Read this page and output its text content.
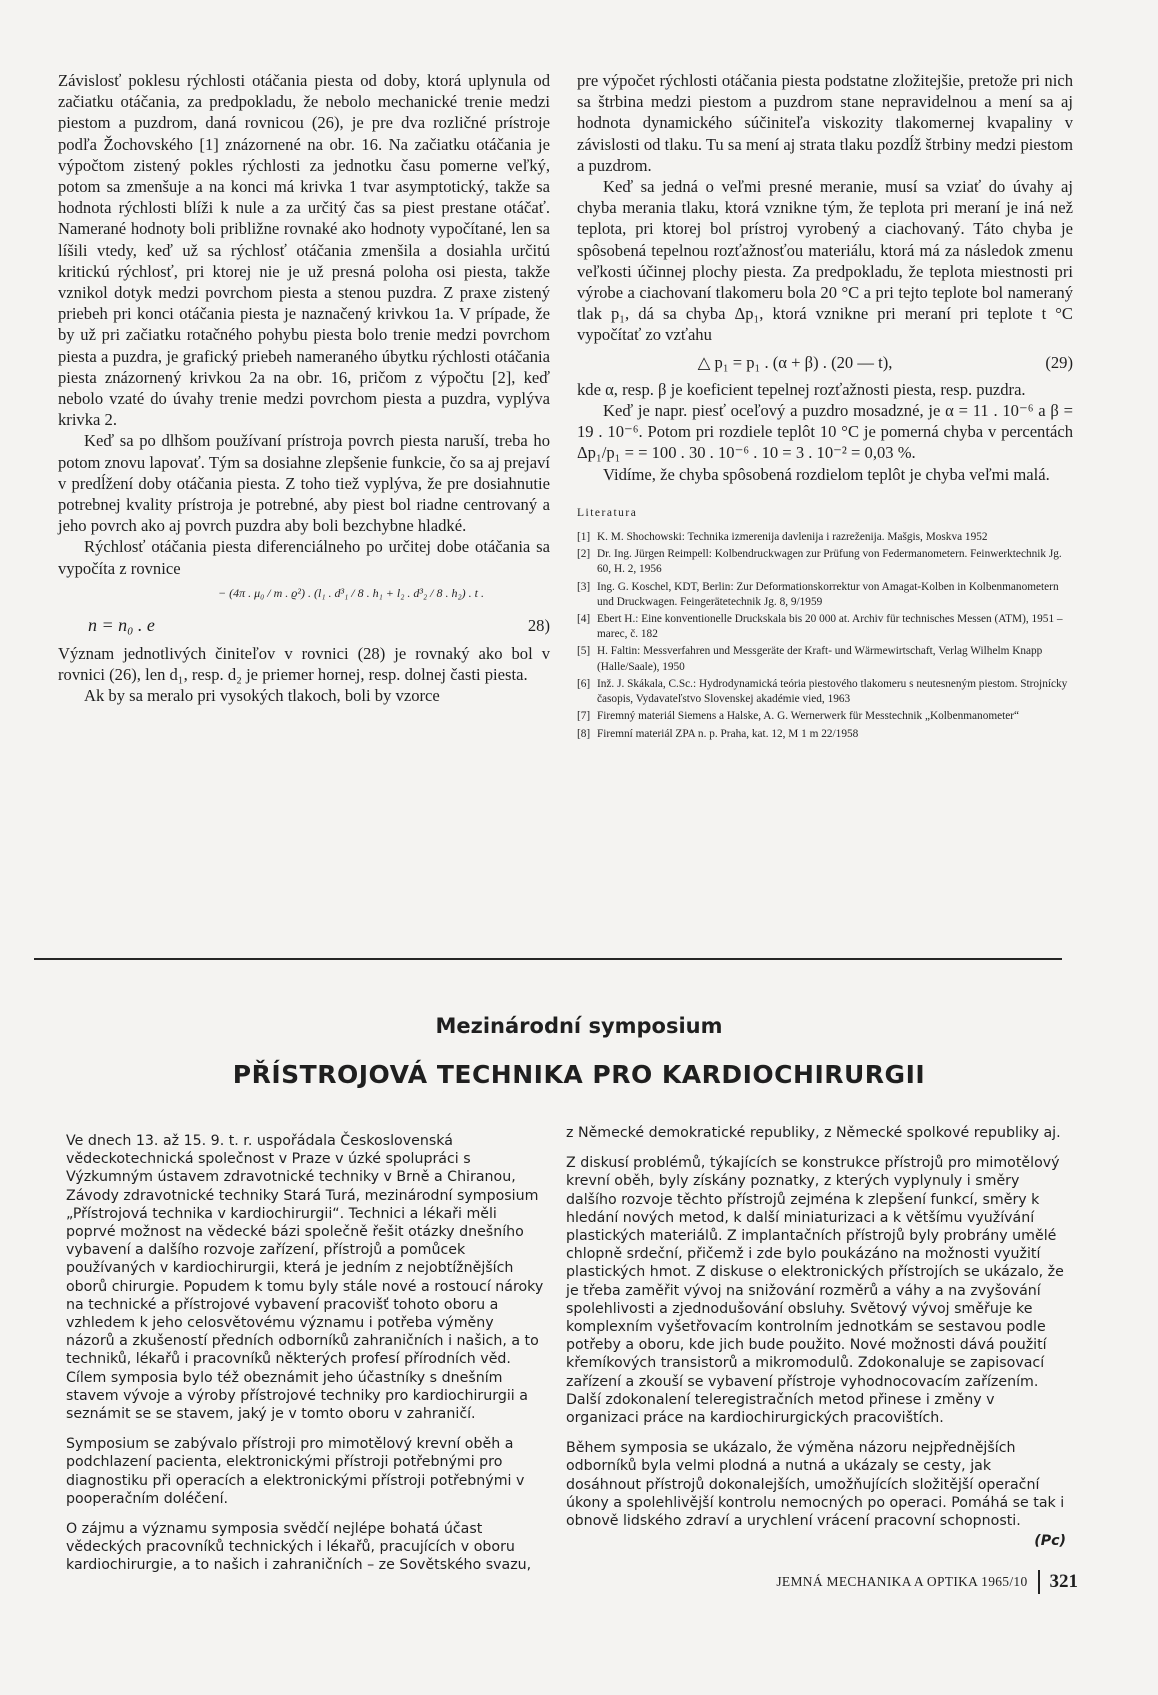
Závislosť poklesu rýchlosti otáčania piesta od doby, ktorá uplynula od začiatku otáčania, za predpokladu, že nebolo mechanické trenie medzi piestom a puzdrom, daná rovnicou (26), je pre dva rozličné prístroje podľa Žochovského [1] znázornené na obr. 16. Na začiatku otáčania je výpočtom zistený pokles rýchlosti za jednotku času pomerne veľký, potom sa zmenšuje a na konci má krivka 1 tvar asymptotický, takže sa hodnota rýchlosti blíži k nule a za určitý čas sa piest prestane otáčať. Namerané hodnoty boli približne rovnaké ako hodnoty vypočítané, len sa líšili vtedy, keď už sa rýchlosť otáčania zmenšila a dosiahla určitú kritickú rýchlosť, pri ktorej nie je už presná poloha osi piesta, takže vznikol dotyk medzi povrchom piesta a stenou puzdra. Z praxe zistený priebeh pri konci otáčania piesta je naznačený krivkou 1a. V prípade, že by už pri začiatku rotačného pohybu piesta bolo trenie medzi povrchom piesta a puzdra, je grafický priebeh nameraného úbytku rýchlosti otáčania piesta znázornený krivkou 2a na obr. 16, pričom z výpočtu [2], keď nebolo vzaté do úvahy trenie medzi povrchom piesta a puzdra, vyplýva krivka 2.

Keď sa po dlhšom používaní prístroja povrch piesta naruší, treba ho potom znovu lapovať. Tým sa dosiahne zlepšenie funkcie, čo sa aj prejaví v predĺžení doby otáčania piesta. Z toho tiež vyplýva, že pre dosiahnutie potrebnej kvality prístroja je potrebné, aby piest bol riadne centrovaný a jeho povrch ako aj povrch puzdra aby boli bezchybne hladké.

Rýchlosť otáčania piesta diferenciálneho po určitej dobe otáčania sa vypočíta z rovnice

− (4π . μ₀ / m . ϱ²) . (l₁ . d³₁ / 8 . h₁ + l₂ . d³₂ / 8 . h₂) . t .
n = n₀ . e	28)

Význam jednotlivých činiteľov v rovnici (28) je rovnaký ako bol v rovnici (26), len d₁, resp. d₂ je priemer hornej, resp. dolnej časti piesta.

Ak by sa meralo pri vysokých tlakoch, boli by vzorce

pre výpočet rýchlosti otáčania piesta podstatne zložitejšie, pretože pri nich sa štrbina medzi piestom a puzdrom stane nepravidelnou a mení sa aj hodnota dynamického súčiniteľa viskozity tlakomernej kvapaliny v závislosti od tlaku. Tu sa mení aj strata tlaku pozdĺž štrbiny medzi piestom a puzdrom.

Keď sa jedná o veľmi presné meranie, musí sa vziať do úvahy aj chyba merania tlaku, ktorá vznikne tým, že teplota pri meraní je iná než teplota, pri ktorej bol prístroj vyrobený a ciachovaný. Táto chyba je spôsobená tepelnou rozťažnosťou materiálu, ktorá má za následok zmenu veľkosti účinnej plochy piesta. Za predpokladu, že teplota miestnosti pri výrobe a ciachovaní tlakomeru bola 20 °C a pri tejto teplote bol nameraný tlak p₁, dá sa chyba Δp₁, ktorá vznikne pri meraní pri teplote t °C vypočítať zo vzťahu

△ p₁ = p₁ . (α + β) . (20 — t),	(29)

kde α, resp. β je koeficient tepelnej rozťažnosti piesta, resp. puzdra.

Keď je napr. piesť oceľový a puzdro mosadzné, je α = 11 . 10⁻⁶ a β = 19 . 10⁻⁶. Potom pri rozdiele teplôt 10 °C je pomerná chyba v percentách Δp₁/p₁ = = 100 . 30 . 10⁻⁶ . 10 = 3 . 10⁻² = 0,03 %.

Vidíme, že chyba spôsobená rozdielom teplôt je chyba veľmi malá.

Literatura
[1] K. M. Shochowski: Technika izmerenija davlenija i razreženija. Mašgis, Moskva 1952
[2] Dr. Ing. Jürgen Reimpell: Kolbendruckwagen zur Prüfung von Federmanometern. Feinwerktechnik Jg. 60, H. 2, 1956
[3] Ing. G. Koschel, KDT, Berlin: Zur Deformationskorrektur von Amagat-Kolben in Kolbenmanometern und Druckwagen. Feingerätetechnik Jg. 8, 9/1959
[4] Ebert H.: Eine konventionelle Druckskala bis 20 000 at. Archiv für technisches Messen (ATM), 1951 – marec, č. 182
[5] H. Faltin: Messverfahren und Messgeräte der Kraft- und Wärmewirtschaft, Verlag Wilhelm Knapp (Halle/Saale), 1950
[6] Inž. J. Skákala, C.Sc.: Hydrodynamická teória piestového tlakomeru s neutesneným piestom. Strojnícky časopis, Vydavateľstvo Slovenskej akadémie vied, 1963
[7] Firemný materiál Siemens a Halske, A. G. Wernerwerk für Messtechnik „Kolbenmanometer“
[8] Firemní materiál ZPA n. p. Praha, kat. 12, M 1 m 22/1958
Mezinárodní symposium
PŘÍSTROJOVÁ TECHNIKA PRO KARDIOCHIRURGII

Ve dnech 13. až 15. 9. t. r. uspořádala Československá vědeckotechnická společnost v Praze v úzké spolupráci s Výzkumným ústavem zdravotnické techniky v Brně a Chiranou, Závody zdravotnické techniky Stará Turá, mezinárodní symposium „Přístrojová technika v kardiochirurgii“. Technici a lékaři měli poprvé možnost na vědecké bázi společně řešit otázky dnešního vybavení a dalšího rozvoje zařízení, přístrojů a pomůcek používaných v kardiochirurgii, která je jedním z nejobtížnějších oborů chirurgie. Popudem k tomu byly stále nové a rostoucí nároky na technické a přístrojové vybavení pracovišť tohoto oboru a vzhledem k jeho celosvětovému významu i potřeba výměny názorů a zkušeností předních odborníků zahraničních i našich, a to techniků, lékařů i pracovníků některých profesí přírodních věd. Cílem symposia bylo též obeznámit jeho účastníky s dnešním stavem vývoje a výroby přístrojové techniky pro kardiochirurgii a seznámit se se stavem, jaký je v tomto oboru v zahraničí.

Symposium se zabývalo přístroji pro mimotělový krevní oběh a podchlazení pacienta, elektronickými přístroji potřebnými pro diagnostiku při operacích a elektronickými přístroji potřebnými v pooperačním doléčení.

O zájmu a významu symposia svědčí nejlépe bohatá účast vědeckých pracovníků technických i lékařů, pracujících v oboru kardiochirurgie, a to našich i zahraničních – ze Sovětského svazu,

z Německé demokratické republiky, z Německé spolkové republiky aj.

Z diskusí problémů, týkajících se konstrukce přístrojů pro mimotělový krevní oběh, byly získány poznatky, z kterých vyplynuly i směry dalšího rozvoje těchto přístrojů zejména k zlepšení funkcí, směry k hledání nových metod, k další miniaturizaci a k většímu využívání plastických materiálů. Z implantačních přístrojů byly probrány umělé chlopně srdeční, přičemž i zde bylo poukázáno na možnosti využití plastických hmot. Z diskuse o elektronických přístrojích se ukázalo, že je třeba zaměřit vývoj na snižování rozměrů a váhy a na zvyšování spolehlivosti a zjednodušování obsluhy. Světový vývoj směřuje ke komplexním vyšetřovacím kontrolním jednotkám se sestavou podle potřeby a oboru, kde jich bude použito. Nové možnosti dává použití křemíkových transistorů a mikromodulů. Zdokonaluje se zapisovací zařízení a zkouší se vybavení přístroje vyhodnocovacím zařízením. Další zdokonalení teleregistračních metod přinese i změny v organizaci práce na kardiochirurgických pracovištích.

Během symposia se ukázalo, že výměna názoru nejpřednějších odborníků byla velmi plodná a nutná a ukázaly se cesty, jak dosáhnout přístrojů dokonalejších, umožňujících složitější operační úkony a spolehlivější kontrolu nemocných po operaci. Pomáhá se tak i obnově lidského zdraví a urychlení vrácení pracovní schopnosti.

(Pc)
JEMNÁ MECHANIKA A OPTIKA 1965/10 321
